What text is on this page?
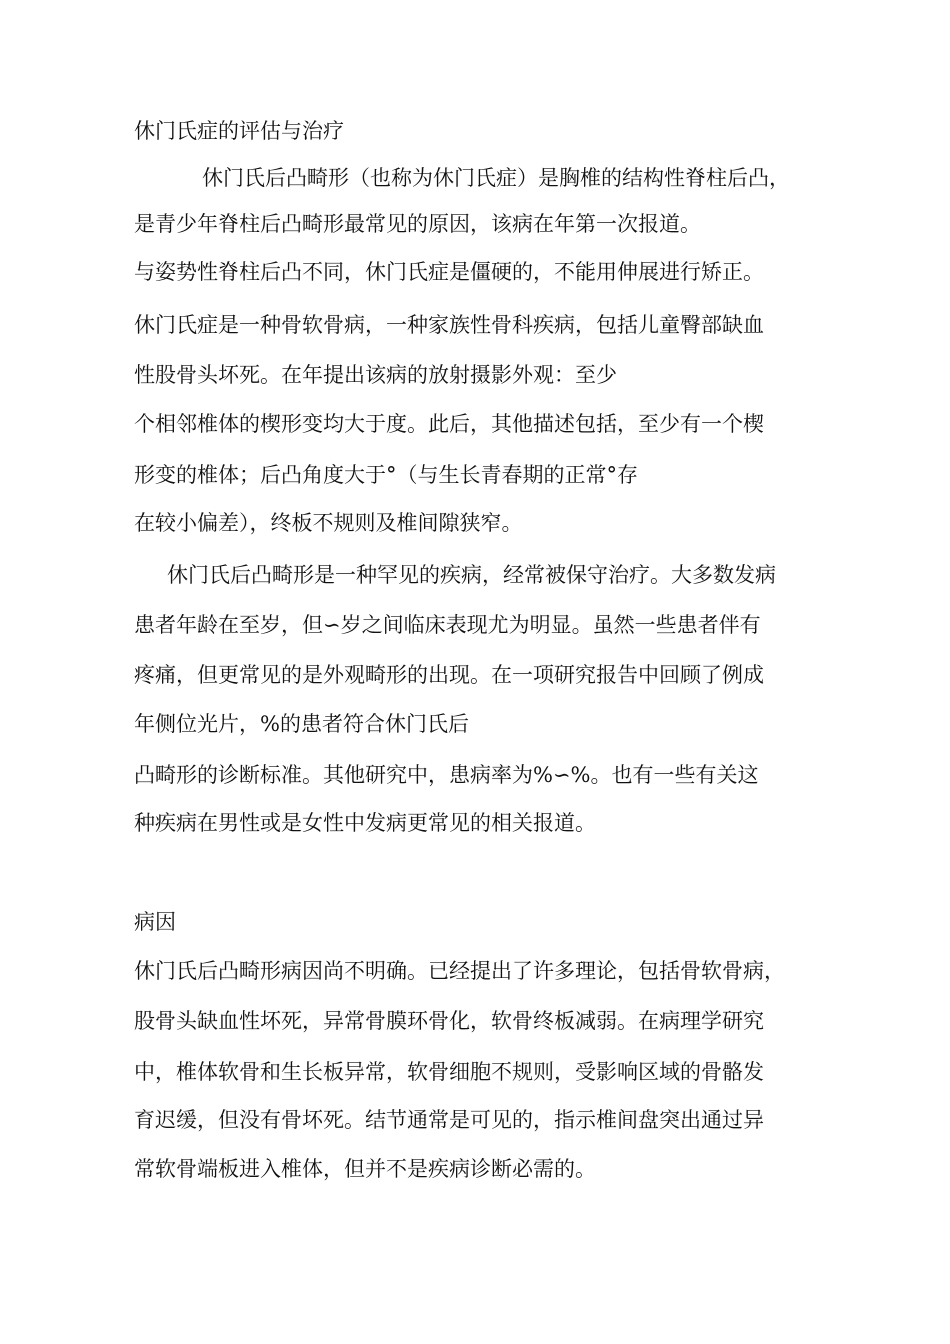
休门氏症的评估与治疗
休门氏后凸畸形（也称为休门氏症）是胸椎的结构性脊柱后凸，
是青少年脊柱后凸畸形最常见的原因，该病在年第一次报道。
与姿势性脊柱后凸不同，休门氏症是僵硬的，不能用伸展进行矫正。
休门氏症是一种骨软骨病，一种家族性骨科疾病，包括儿童臀部缺血
性股骨头坏死。在年提出该病的放射摄影外观：至少
个相邻椎体的楔形变均大于度。此后，其他描述包括，至少有一个楔
形变的椎体；后凸角度大于°（与生长青春期的正常°存
在较小偏差），终板不规则及椎间隙狭窄。
休门氏后凸畸形是一种罕见的疾病，经常被保守治疗。大多数发病
患者年龄在至岁，但∽岁之间临床表现尤为明显。虽然一些患者伴有
疼痛，但更常见的是外观畸形的出现。在一项研究报告中回顾了例成
年侧位光片，%的患者符合休门氏后
凸畸形的诊断标准。其他研究中，患病率为%∽%。也有一些有关这
种疾病在男性或是女性中发病更常见的相关报道。
病因
休门氏后凸畸形病因尚不明确。已经提出了许多理论，包括骨软骨病，
股骨头缺血性坏死，异常骨膜环骨化，软骨终板减弱。在病理学研究
中，椎体软骨和生长板异常，软骨细胞不规则，受影响区域的骨骼发
育迟缓，但没有骨坏死。结节通常是可见的，指示椎间盘突出通过异
常软骨端板进入椎体，但并不是疾病诊断必需的。
